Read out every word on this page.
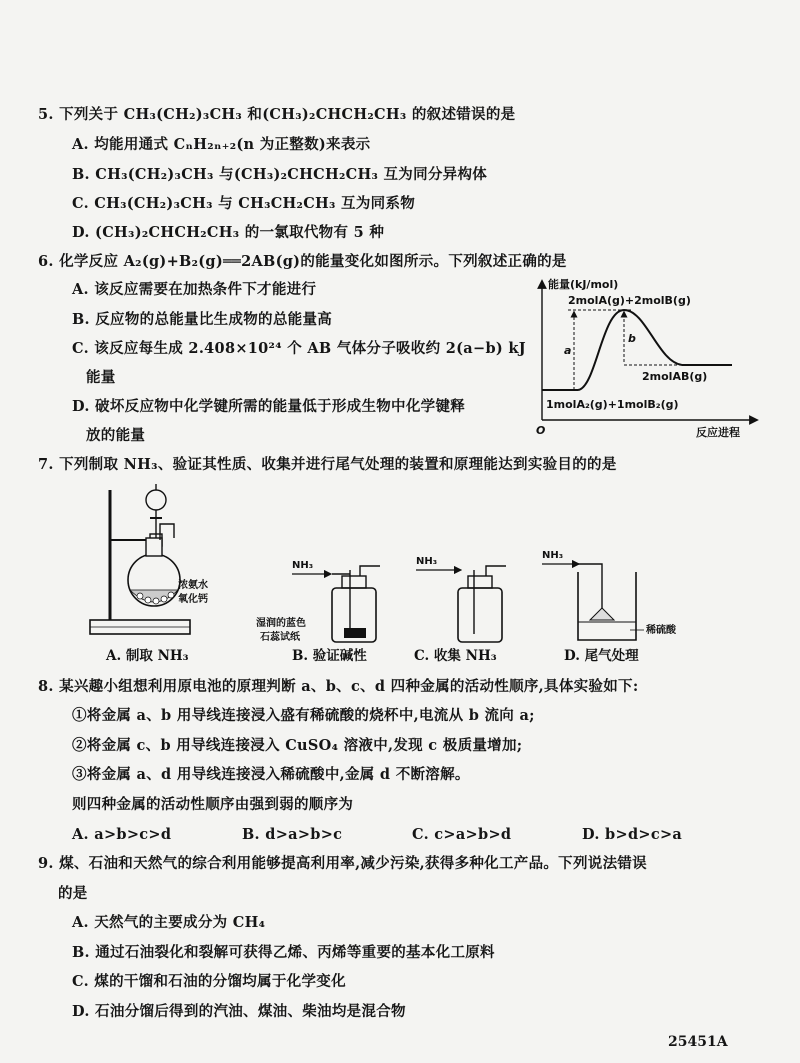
5. 下列关于 CH₃(CH₂)₃CH₃ 和(CH₃)₂CHCH₂CH₃ 的叙述错误的是
A. 均能用通式 CₙH₂ₙ₊₂(n 为正整数)来表示
B. CH₃(CH₂)₃CH₃ 与(CH₃)₂CHCH₂CH₃ 互为同分异构体
C. CH₃(CH₂)₃CH₃ 与 CH₃CH₂CH₃ 互为同系物
D. (CH₃)₂CHCH₂CH₃ 的一氯取代物有 5 种
6. 化学反应 A₂(g)+B₂(g)══2AB(g)的能量变化如图所示。下列叙述正确的是
A. 该反应需要在加热条件下才能进行
B. 反应物的总能量比生成物的总能量高
C. 该反应每生成 2.408×10²⁴ 个 AB 气体分子吸收约 2(a−b) kJ
能量
D. 破坏反应物中化学键所需的能量低于形成生物中化学键释
放的能量
能量(kJ/mol)
反应进程
O
a
b
2molA(g)+2molB(g)
2molAB(g)
1molA₂(g)+1molB₂(g)
7. 下列制取 NH₃、验证其性质、收集并进行尾气处理的装置和原理能达到实验目的的是
浓氨水
氧化钙
A. 制取 NH₃
NH₃
湿润的蓝色
石蕊试纸
B. 验证碱性
NH₃
C. 收集 NH₃
NH₃
稀硫酸
D. 尾气处理
8. 某兴趣小组想利用原电池的原理判断 a、b、c、d 四种金属的活动性顺序,具体实验如下:
①将金属 a、b 用导线连接浸入盛有稀硫酸的烧杯中,电流从 b 流向 a;
②将金属 c、b 用导线连接浸入 CuSO₄ 溶液中,发现 c 极质量增加;
③将金属 a、d 用导线连接浸入稀硫酸中,金属 d 不断溶解。
则四种金属的活动性顺序由强到弱的顺序为
A. a>b>c>d	B. d>a>b>c	C. c>a>b>d	D. b>d>c>a
9. 煤、石油和天然气的综合利用能够提高利用率,减少污染,获得多种化工产品。下列说法错误
的是
A. 天然气的主要成分为 CH₄
B. 通过石油裂化和裂解可获得乙烯、丙烯等重要的基本化工原料
C. 煤的干馏和石油的分馏均属于化学变化
D. 石油分馏后得到的汽油、煤油、柴油均是混合物
25451A
